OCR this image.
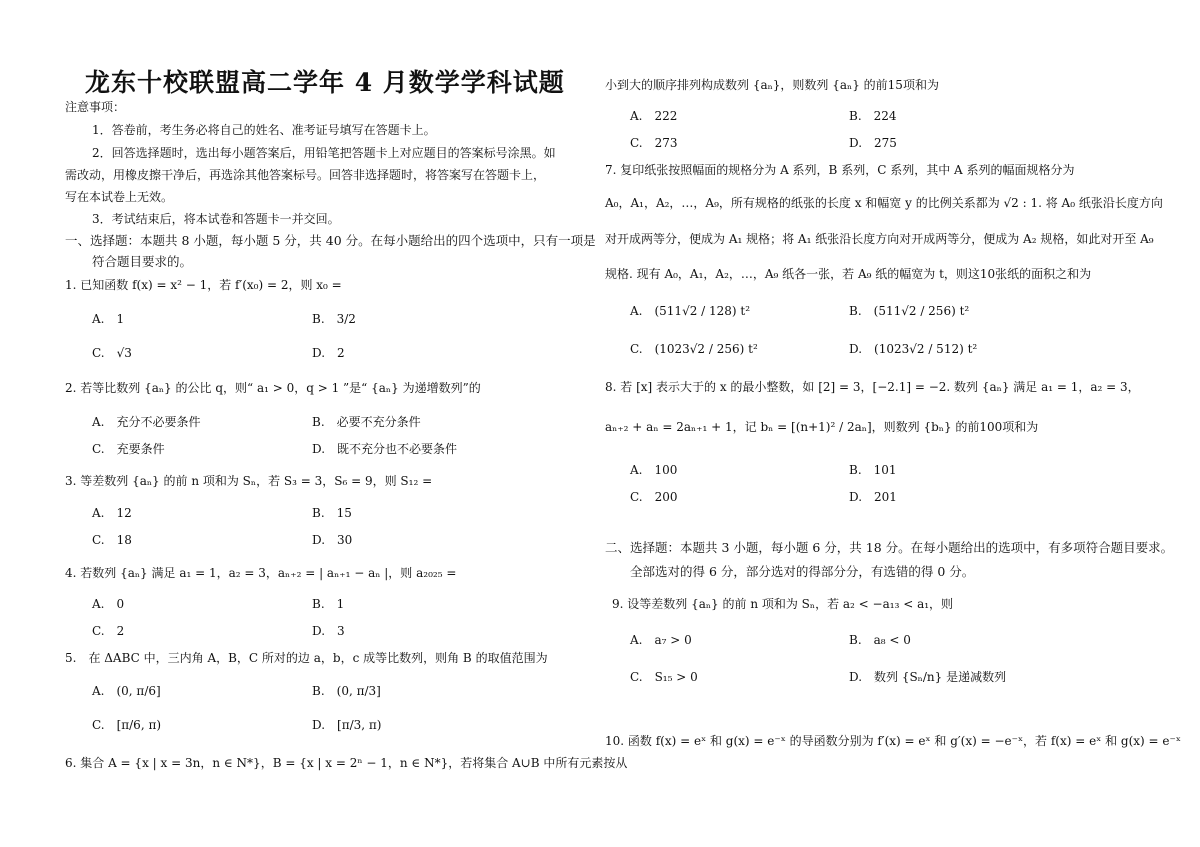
龙东十校联盟高二学年 4 月数学学科试题
注意事项：
1．答卷前，考生务必将自己的姓名、准考证号填写在答题卡上。
2．回答选择题时，选出每小题答案后，用铅笔把答题卡上对应题目的答案标号涂黑。如
需改动，用橡皮擦干净后，再选涂其他答案标号。回答非选择题时，将答案写在答题卡上，
写在本试卷上无效。
3．考试结束后，将本试卷和答题卡一并交回。
一、选择题：本题共 8 小题，每小题 5 分，共 40 分。在每小题给出的四个选项中，只有一项是
符合题目要求的。
1. 已知函数 f(x) = x² − 1，若 f′(x₀) = 2，则 x₀ =
A.　1	B.　3/2
C.　√3	D.　2
2. 若等比数列 {aₙ} 的公比 q，则“ a₁ > 0，q > 1 ”是“ {aₙ} 为递增数列”的
A.　充分不必要条件	B.　必要不充分条件
C.　充要条件	D.　既不充分也不必要条件
3. 等差数列 {aₙ} 的前 n 项和为 Sₙ，若 S₃ = 3，S₆ = 9，则 S₁₂ =
A.　12	B.　15
C.　18	D.　30
4. 若数列 {aₙ} 满足 a₁ = 1，a₂ = 3，aₙ₊₂ = | aₙ₊₁ − aₙ |，则 a₂₀₂₅ =
A.　0	B.　1
C.　2	D.　3
5.　在 ΔABC 中，三内角 A，B，C 所对的边 a，b，c 成等比数列，则角 B 的取值范围为
A.　(0, π/6]	B.　(0, π/3]
C.　[π/6, π)	D.　[π/3, π)
6. 集合 A = {x | x = 3n，n ∈ N*}，B = {x | x = 2ⁿ − 1，n ∈ N*}，若将集合 A∪B 中所有元素按从
小到大的顺序排列构成数列 {aₙ}，则数列 {aₙ} 的前15项和为
A.　222	B.　224
C.　273	D.　275
7. 复印纸张按照幅面的规格分为 A 系列，B 系列，C 系列，其中 A 系列的幅面规格分为
A₀，A₁，A₂，…，A₉，所有规格的纸张的长度 x 和幅宽 y 的比例关系都为 √2 : 1. 将 A₀ 纸张沿长度方向
对开成两等分，便成为 A₁ 规格；将 A₁ 纸张沿长度方向对开成两等分，便成为 A₂ 规格，如此对开至 A₉
规格. 现有 A₀，A₁，A₂，…，A₉ 纸各一张，若 A₉ 纸的幅宽为 t，则这10张纸的面积之和为
A.　(511√2 / 128) t²	B.　(511√2 / 256) t²
C.　(1023√2 / 256) t²	D.　(1023√2 / 512) t²
8. 若 [x] 表示大于的 x 的最小整数，如 [2] = 3，[−2.1] = −2. 数列 {aₙ} 满足 a₁ = 1，a₂ = 3，
aₙ₊₂ + aₙ = 2aₙ₊₁ + 1，记 bₙ = [(n+1)² / 2aₙ]，则数列 {bₙ} 的前100项和为
A.　100	B.　101
C.　200	D.　201
二、选择题：本题共 3 小题，每小题 6 分，共 18 分。在每小题给出的选项中，有多项符合题目要求。
全部选对的得 6 分，部分选对的得部分分，有选错的得 0 分。
9. 设等差数列 {aₙ} 的前 n 项和为 Sₙ，若 a₂ < −a₁₃ < a₁，则
A.　a₇ > 0	B.　a₈ < 0
C.　S₁₅ > 0	D.　数列 {Sₙ/n} 是递减数列
10. 函数 f(x) = eˣ 和 g(x) = e⁻ˣ 的导函数分别为 f′(x) = eˣ 和 g′(x) = −e⁻ˣ，若 f(x) = eˣ 和 g(x) = e⁻ˣ
